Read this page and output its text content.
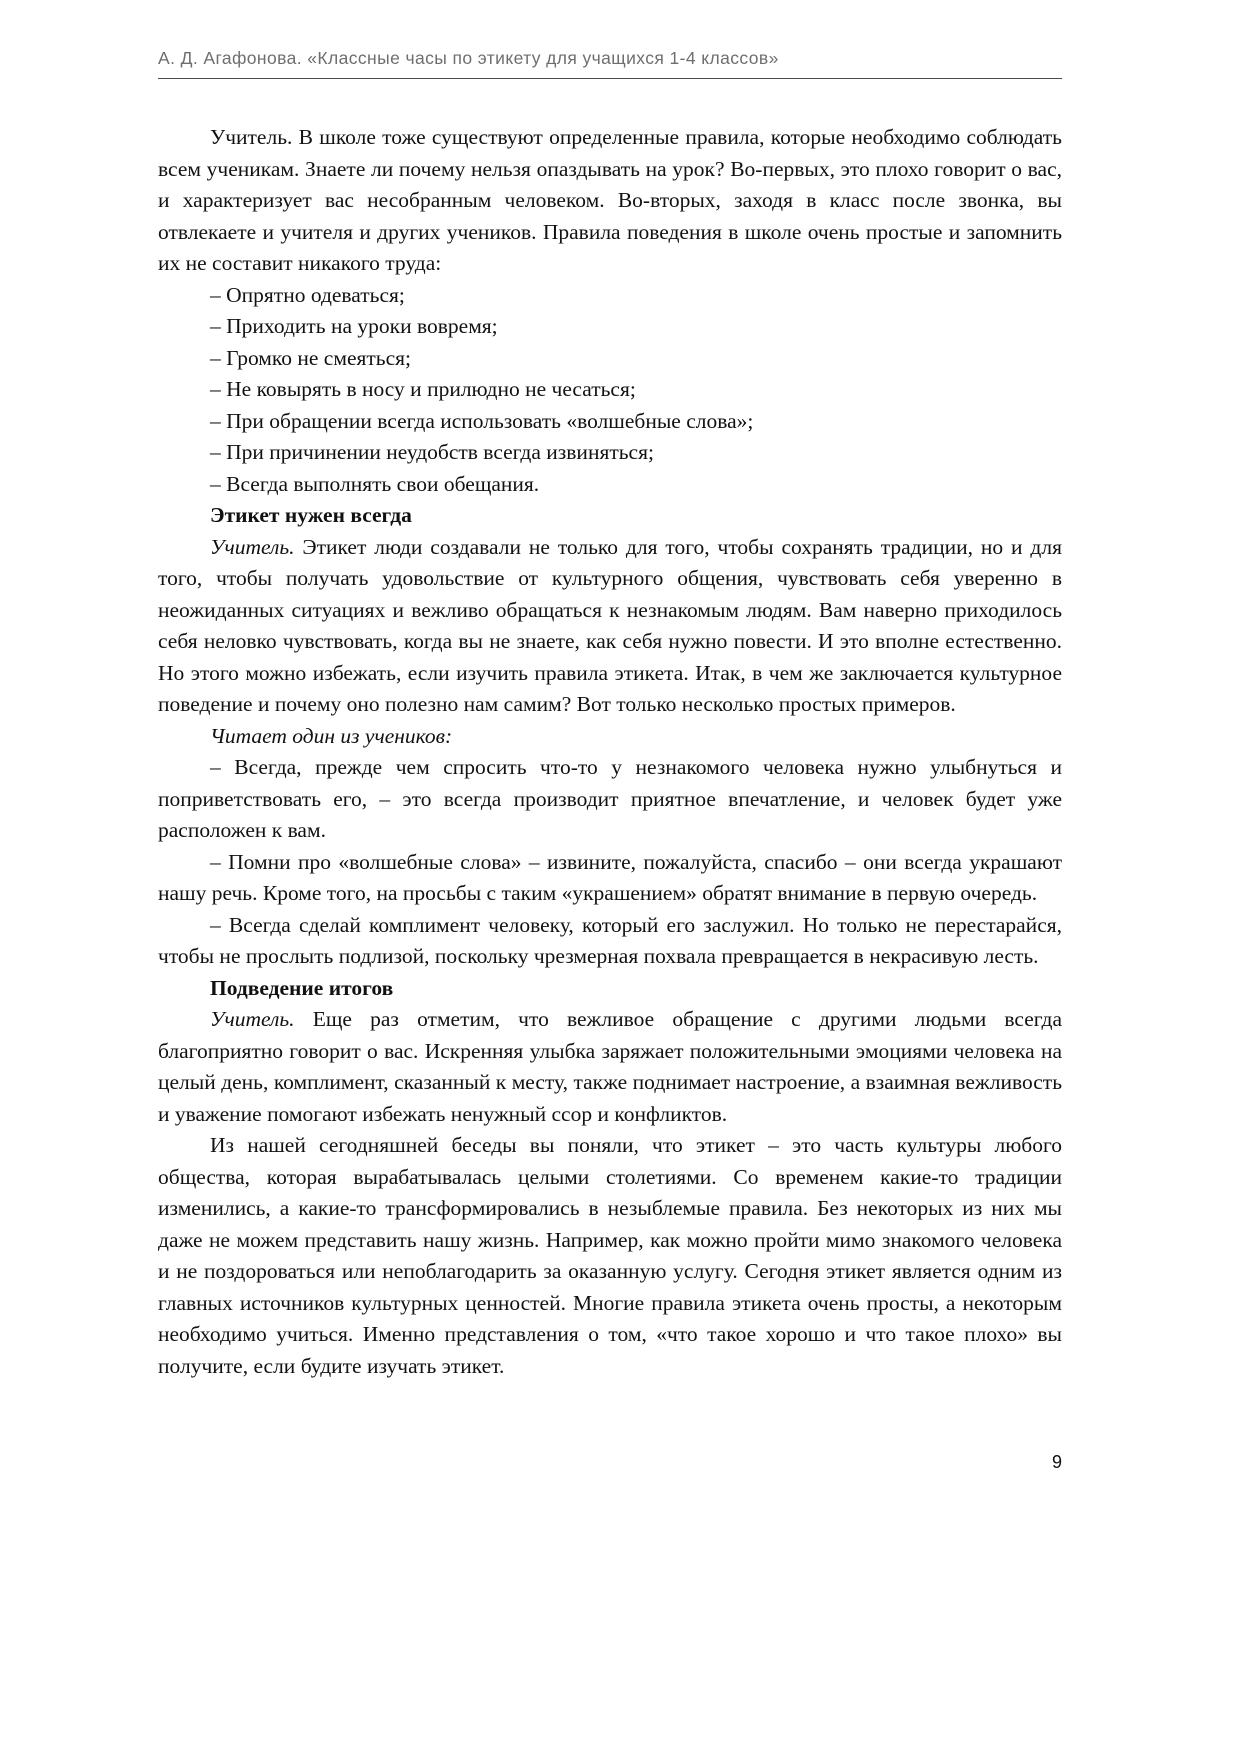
А. Д. Агафонова. «Классные часы по этикету для учащихся 1-4 классов»

Учитель. В школе тоже существуют определенные правила, которые необходимо соблюдать всем ученикам. Знаете ли почему нельзя опаздывать на урок? Во-первых, это плохо говорит о вас, и характеризует вас несобранным человеком. Во-вторых, заходя в класс после звонка, вы отвлекаете и учителя и других учеников. Правила поведения в школе очень простые и запомнить их не составит никакого труда:

– Опрятно одеваться;
– Приходить на уроки вовремя;
– Громко не смеяться;
– Не ковырять в носу и прилюдно не чесаться;
– При обращении всегда использовать «волшебные слова»;
– При причинении неудобств всегда извиняться;
– Всегда выполнять свои обещания.
Этикет нужен всегда

Учитель. Этикет люди создавали не только для того, чтобы сохранять традиции, но и для того, чтобы получать удовольствие от культурного общения, чувствовать себя уверенно в неожиданных ситуациях и вежливо обращаться к незнакомым людям. Вам наверно приходилось себя неловко чувствовать, когда вы не знаете, как себя нужно повести. И это вполне естественно. Но этого можно избежать, если изучить правила этикета. Итак, в чем же заключается культурное поведение и почему оно полезно нам самим? Вот только несколько простых примеров.

Читает один из учеников:

– Всегда, прежде чем спросить что-то у незнакомого человека нужно улыбнуться и поприветствовать его, – это всегда производит приятное впечатление, и человек будет уже расположен к вам.

– Помни про «волшебные слова» – извините, пожалуйста, спасибо – они всегда украшают нашу речь. Кроме того, на просьбы с таким «украшением» обратят внимание в первую очередь.

– Всегда сделай комплимент человеку, который его заслужил. Но только не перестарайся, чтобы не прослыть подлизой, поскольку чрезмерная похвала превращается в некрасивую лесть.

Подведение итогов

Учитель. Еще раз отметим, что вежливое обращение с другими людьми всегда благоприятно говорит о вас. Искренняя улыбка заряжает положительными эмоциями человека на целый день, комплимент, сказанный к месту, также поднимает настроение, а взаимная вежливость и уважение помогают избежать ненужный ссор и конфликтов.

Из нашей сегодняшней беседы вы поняли, что этикет – это часть культуры любого общества, которая вырабатывалась целыми столетиями. Со временем какие-то традиции изменились, а какие-то трансформировались в незыблемые правила. Без некоторых из них мы даже не можем представить нашу жизнь. Например, как можно пройти мимо знакомого человека и не поздороваться или непоблагодарить за оказанную услугу. Сегодня этикет является одним из главных источников культурных ценностей. Многие правила этикета очень просты, а некоторым необходимо учиться. Именно представления о том, «что такое хорошо и что такое плохо» вы получите, если будите изучать этикет.

9
